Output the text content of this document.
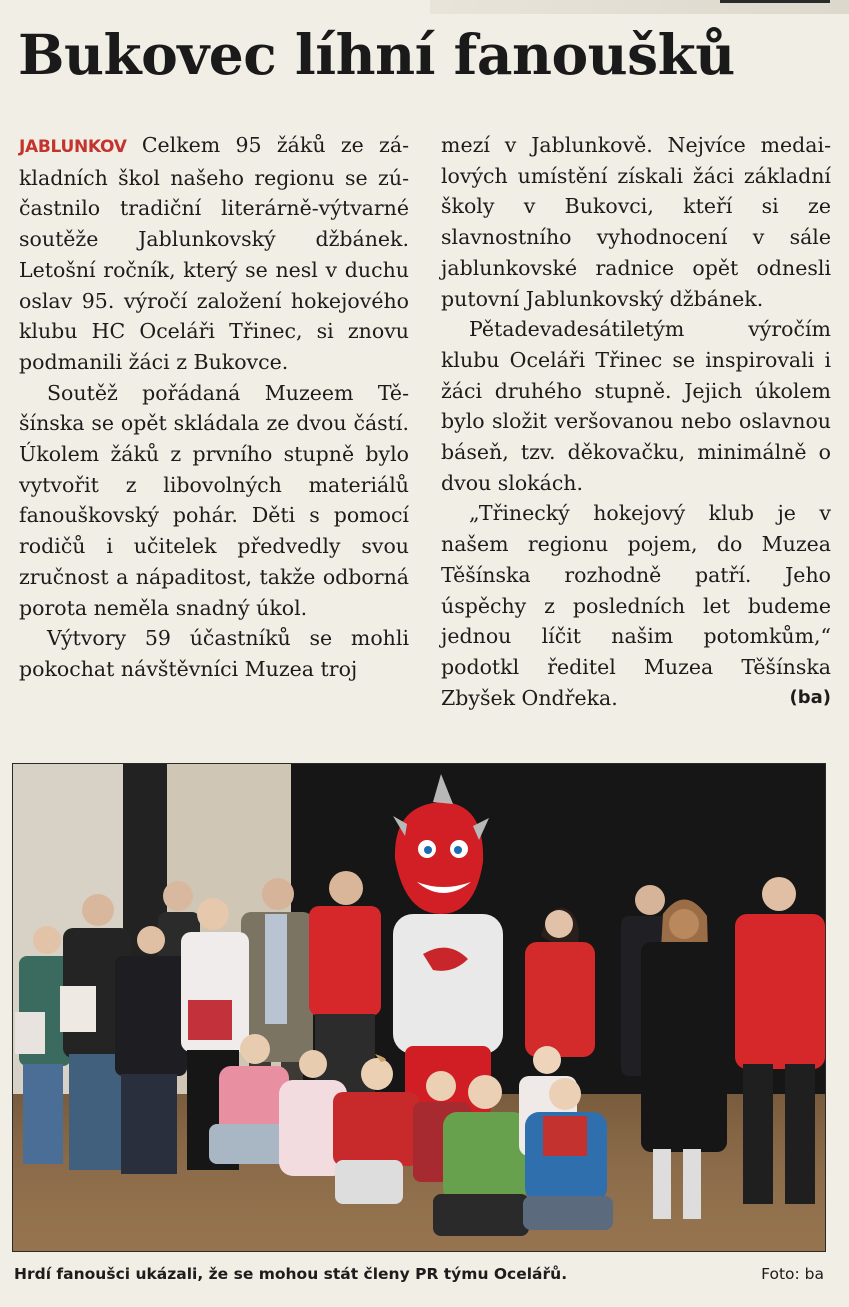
Bukovec líhní fanoušků

JABLUNKOV Celkem 95 žáků ze základních škol našeho regionu se zúčastnilo tradiční literárně-výtvarné soutěže Jablunkovský džbánek. Letošní ročník, který se nesl v duchu oslav 95. výročí založení hokejového klubu HC Oceláři Třinec, si znovu podmanili žáci z Bukovce.

Soutěž pořádaná Muzeem Těšínska se opět skládala ze dvou částí. Úkolem žáků z prvního stupně bylo vytvořit z libovolných materiálů fanouškovský pohár. Děti s pomocí rodičů i učitelek předvedly svou zručnost a nápaditost, takže odborná porota neměla snadný úkol.

Výtvory 59 účastníků se mohli pokochat návštěvníci Muzea troj

mezí v Jablunkově. Nejvíce medailových umístění získali žáci základní školy v Bukovci, kteří si ze slavnostního vyhodnocení v sále jablunkovské radnice opět odnesli putovní Jablunkovský džbánek.

Pětadevadesátiletým výročím klubu Oceláři Třinec se inspirovali i žáci druhého stupně. Jejich úkolem bylo složit veršovanou nebo oslavnou báseň, tzv. děkovačku, minimálně o dvou slokách.

„Třinecký hokejový klub je v našem regionu pojem, do Muzea Těšínska rozhodně patří. Jeho úspěchy z posledních let budeme jednou líčit našim potomkům,“ podotkl ředitel Muzea Těšínska Zbyšek Ondřeka.	(ba)

Hrdí fanoušci ukázali, že se mohou stát členy PR týmu Ocelářů.	Foto: ba
